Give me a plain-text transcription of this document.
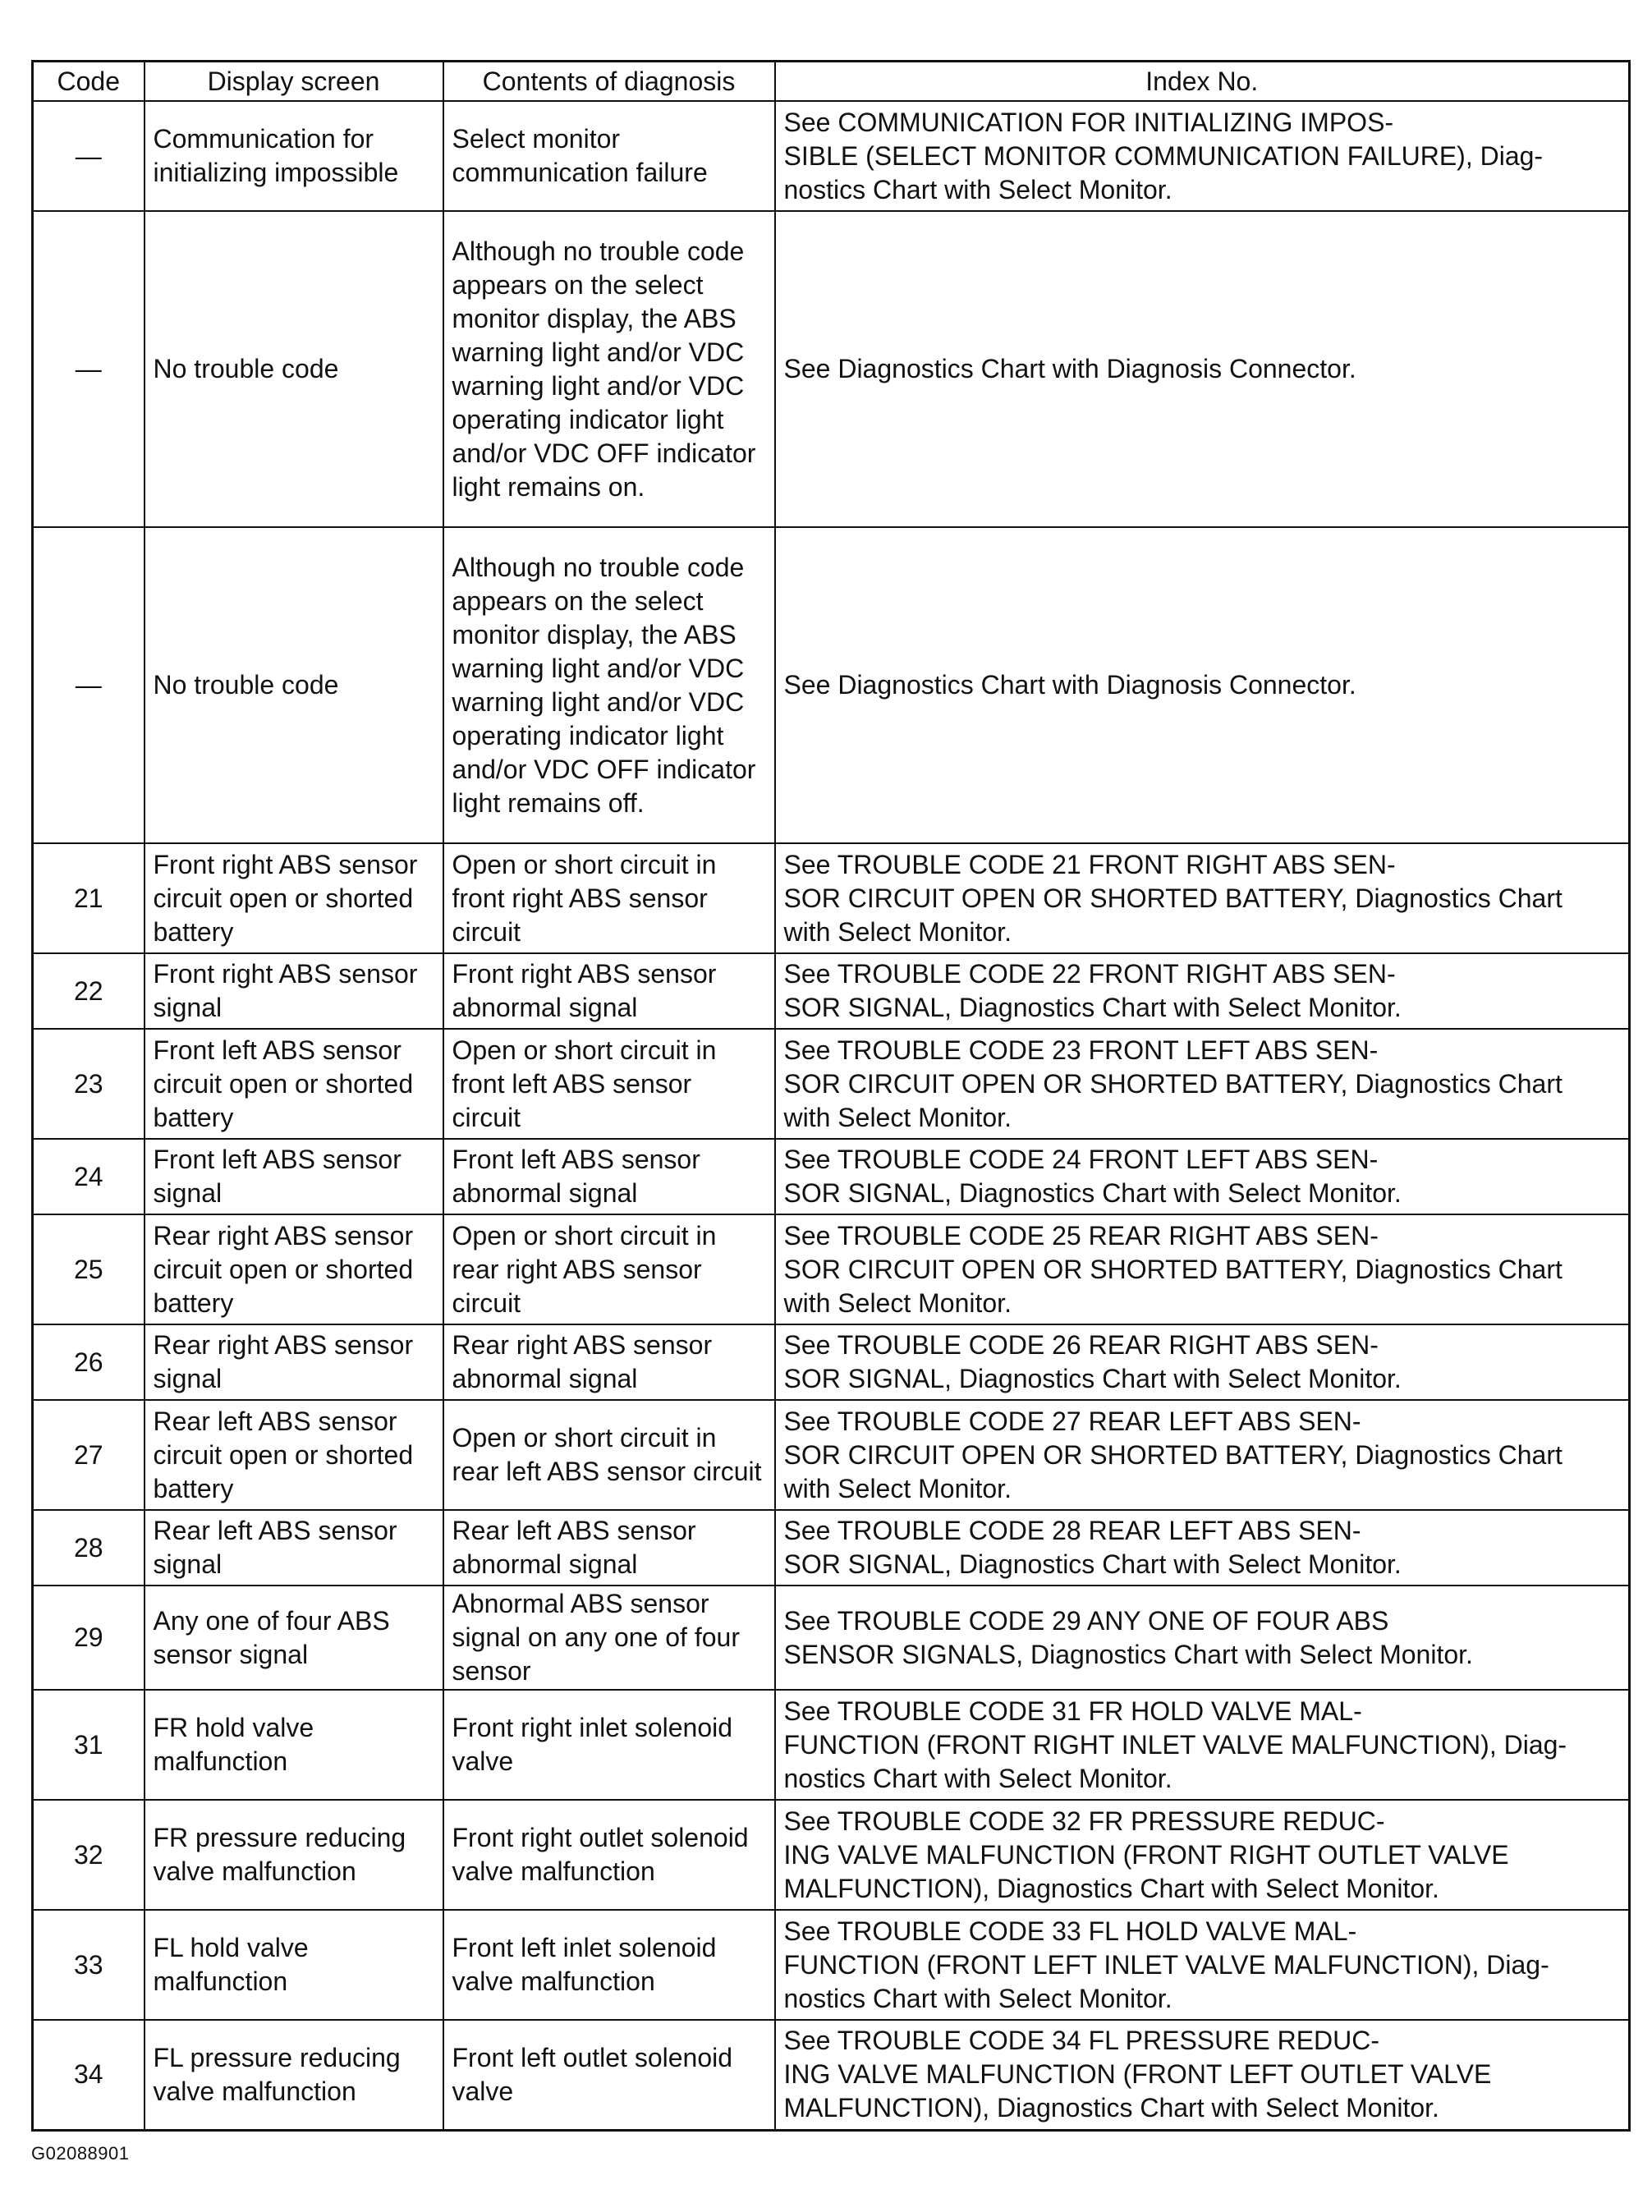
Code	Display screen	Contents of diagnosis	Index No.
—	Communication for initializing impossible	Select monitor communication failure	See COMMUNICATION FOR INITIALIZING IMPOS-
SIBLE (SELECT MONITOR COMMUNICATION FAILURE), Diag-
nostics Chart with Select Monitor.

—	No trouble code	Although no trouble code appears on the select monitor display, the ABS warning light and/or VDC warning light and/or VDC operating indicator light and/or VDC OFF indicator light remains on.	See Diagnostics Chart with Diagnosis Connector.

—	No trouble code	Although no trouble code appears on the select monitor display, the ABS warning light and/or VDC warning light and/or VDC operating indicator light and/or VDC OFF indicator light remains off.	See Diagnostics Chart with Diagnosis Connector.

21	Front right ABS sensor circuit open or shorted battery	Open or short circuit in front right ABS sensor circuit	See TROUBLE CODE 21 FRONT RIGHT ABS SEN-
SOR CIRCUIT OPEN OR SHORTED BATTERY, Diagnostics Chart
with Select Monitor.

22	Front right ABS sensor signal	Front right ABS sensor abnormal signal	See TROUBLE CODE 22 FRONT RIGHT ABS SEN-
SOR SIGNAL, Diagnostics Chart with Select Monitor.

23	Front left ABS sensor circuit open or shorted battery	Open or short circuit in front left ABS sensor circuit	See TROUBLE CODE 23 FRONT LEFT ABS SEN-
SOR CIRCUIT OPEN OR SHORTED BATTERY, Diagnostics Chart
with Select Monitor.

24	Front left ABS sensor signal	Front left ABS sensor abnormal signal	See TROUBLE CODE 24 FRONT LEFT ABS SEN-
SOR SIGNAL, Diagnostics Chart with Select Monitor.

25	Rear right ABS sensor circuit open or shorted battery	Open or short circuit in rear right ABS sensor circuit	See TROUBLE CODE 25 REAR RIGHT ABS SEN-
SOR CIRCUIT OPEN OR SHORTED BATTERY, Diagnostics Chart
with Select Monitor.

26	Rear right ABS sensor signal	Rear right ABS sensor abnormal signal	See TROUBLE CODE 26 REAR RIGHT ABS SEN-
SOR SIGNAL, Diagnostics Chart with Select Monitor.

27	Rear left ABS sensor circuit open or shorted battery	Open or short circuit in rear left ABS sensor circuit	See TROUBLE CODE 27 REAR LEFT ABS SEN-
SOR CIRCUIT OPEN OR SHORTED BATTERY, Diagnostics Chart
with Select Monitor.

28	Rear left ABS sensor signal	Rear left ABS sensor abnormal signal	See TROUBLE CODE 28 REAR LEFT ABS SEN-
SOR SIGNAL, Diagnostics Chart with Select Monitor.

29	Any one of four ABS sensor signal	Abnormal ABS sensor signal on any one of four sensor	See TROUBLE CODE 29 ANY ONE OF FOUR ABS
SENSOR SIGNALS, Diagnostics Chart with Select Monitor.

31	FR hold valve malfunction	Front right inlet solenoid valve	See TROUBLE CODE 31 FR HOLD VALVE MAL-
FUNCTION (FRONT RIGHT INLET VALVE MALFUNCTION), Diag-
nostics Chart with Select Monitor.

32	FR pressure reducing valve malfunction	Front right outlet solenoid valve malfunction	See TROUBLE CODE 32 FR PRESSURE REDUC-
ING VALVE MALFUNCTION (FRONT RIGHT OUTLET VALVE
MALFUNCTION), Diagnostics Chart with Select Monitor.

33	FL hold valve malfunction	Front left inlet solenoid valve malfunction	See TROUBLE CODE 33 FL HOLD VALVE MAL-
FUNCTION (FRONT LEFT INLET VALVE MALFUNCTION), Diag-
nostics Chart with Select Monitor.

34	FL pressure reducing valve malfunction	Front left outlet solenoid valve	See TROUBLE CODE 34 FL PRESSURE REDUC-
ING VALVE MALFUNCTION (FRONT LEFT OUTLET VALVE
MALFUNCTION), Diagnostics Chart with Select Monitor.
G02088901
